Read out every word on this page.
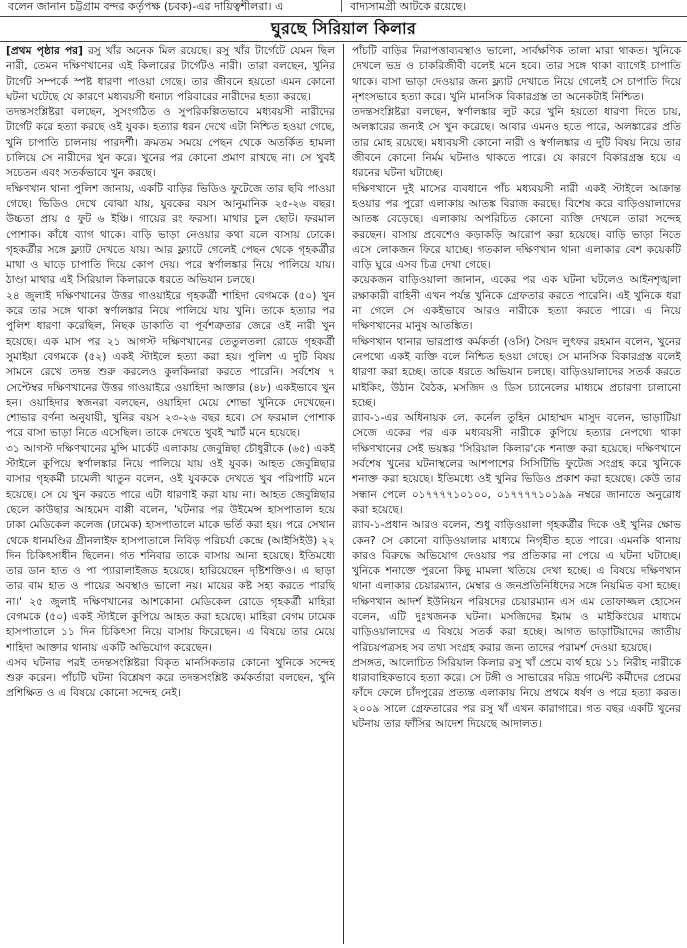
বলেন জানান চট্টগ্রাম বন্দর কর্তৃপক্ষ (চবক)-এর দায়িত্বশীলরা। এ	বাদ্যসামগ্রী আটকে রয়েছে।
ঘুরছে সিরিয়াল কিলার

[প্রথম পৃষ্ঠার পর] রসু খাঁর অনেক মিল রয়েছে। রসু খাঁর টার্গেটে যেমন ছিল নারী, তেমন দক্ষিণখানের এই কিলারের টার্গেটও নারী। তারা বলছেন, খুনির টার্গেট সম্পর্কে স্পষ্ট ধারণা পাওয়া গেছে। তার জীবনে হয়তো এমন কোনো ঘটনা ঘটেছে যে কারণে মধ্যবয়সী ধনাঢ্য পরিবারের নারীদের হত্যা করছে।

তদন্তসংশ্লিষ্টরা বলছেন, সুসংগঠিত ও সুপরিকল্পিতভাবে মধ্যবয়সী নারীদের টার্গেট করে হত্যা করছে ওই যুবক। হত্যার ধরন দেখে এটা নিশ্চিত হওয়া গেছে, খুনি চাপাতি চালনায় পারদর্শী। ক্রমতম সময়ে পেছন থেকে অতর্কিত হামলা চালিয়ে সে নারীদের খুন করে। খুনের পর কোনো প্রমাণ রাখছে না। সে খুবই সচেতন এবং সতর্কভাবে খুন করছে।

দক্ষিণখান থানা পুলিশ জানায়, একটি বাড়ির ভিডিও ফুটেজে তার ছবি পাওয়া গেছে। ভিডিও দেখে বোঝা যায়, যুবকের বয়স আনুমানিক ২৫-২৬ বছর। উচ্চতা প্রায় ৫ ফুট ৬ ইঞ্চি। গায়ের রং ফরসা। মাথার চুল ছোট। ফরমাল পোশাক। কাঁধে ব্যাগ থাকে। বাড়ি ভাড়া নেওয়ার কথা বলে বাসায় ঢোকে। গৃহকর্ত্রীর সঙ্গে ফ্ল্যাট দেখতে যায়। আর ফ্ল্যাটে গেলেই পেছন থেকে গৃহকর্ত্রীর মাথা ও ঘাড়ে চাপাতি দিয়ে কোপ দেয়। পরে স্বর্ণালঙ্কার নিয়ে পালিয়ে যায়। ঠাণ্ডা মাথার এই সিরিয়াল কিলারকে ধরতে অভিযান চলছে।

২৪ জুলাই দক্ষিণখানের উত্তর গাওয়াইরে গৃহকর্ত্রী শাহিদা বেগমকে (৫০) খুন করে তার সঙ্গে থাকা স্বর্ণালঙ্কার নিয়ে পালিয়ে যায় খুনি। তাকে হত্যার পর পুলিশ ধারণা করেছিল, নিছক ডাকাতি বা পূর্বশত্রুতার জেরে ওই নারী খুন হয়েছে। এক মাস পর ২১ আগস্ট দক্ষিণখানের তেতুলতলা রোডে গৃহকর্ত্রী সুমাইয়া বেগমকে (৫২) একই স্টাইলে হত্যা করা হয়। পুলিশ এ দুটি বিষয় সামনে রেখে তদন্ত শুরু করলেও কুলকিনারা করতে পারেনি। সর্বশেষ ৭ সেপ্টেম্বর দক্ষিণখানের উত্তর গাওয়াইরে ওয়াহিদা আক্তার (৪৮) একইভাবে খুন হন। ওয়াহিদার স্বজনরা বলছেন, ওয়াহিদা মেয়ে শোভা খুনিকে দেখেছেন। শোভার বর্ণনা অনুযায়ী, খুনির বয়স ২৩-২৬ বছর হবে। সে ফরমাল পোশাক পরে বাসা ভাড়া নিতে এসেছিল। তাকে দেখতে খুবই স্মার্ট মনে হয়েছে।

৩১ আগস্ট দক্ষিণখানের মুন্সি মার্কেট এলাকায় জেবুন্নিছা চৌধুরীকে (৬৫) একই স্টাইলে কুপিয়ে স্বর্ণালঙ্কার নিয়ে পালিয়ে যায় ওই যুবক। আহত জেবুন্নিছার বাসার গৃহকর্মী চামেলী খাতুন বলেন, ওই যুবককে দেখতে খুব পরিপাটি মনে হয়েছে। সে যে খুন করতে পারে এটা ধারণাই করা যায় না। আহত জেবুন্নিছার ছেলে কাউছার আহমেদ বাপ্পী বলেন, 'ঘটনার পর উইমেন্স হাসপাতাল হয়ে ঢাকা মেডিকেল কলেজ (ঢামেক) হাসপাতালে মাকে ভর্তি করা হয়। পরে সেখান থেকে ধানমণ্ডির গ্রীনলাইফ হাসপাতালে নিবিড় পরিচর্যা কেন্দ্রে (আইসিইউ) ২২ দিন চিকিৎসাধীন ছিলেন। গত শনিবার তাকে বাসায় আনা হয়েছে। ইতিমধ্যে তার ডান হাত ও পা প্যারালাইজড হয়েছে। হারিয়েছেন দৃষ্টিশক্তিও। এ ছাড়া তার বাম হাত ও পায়ের অবস্থাও ভালো নয়। মায়ের কষ্ট সহ্য করতে পারছি না।' ২৫ জুলাই দক্ষিণখানের আশকোনা মেডিকেল রোডে গৃহকর্ত্রী মাহিরা বেগমকে (৫০) একই স্টাইলে কুপিয়ে আহত করা হয়েছে। মাহিরা বেগম ঢামেক হাসপাতালে ১১ দিন চিকিৎসা নিয়ে বাসায় ফিরেছেন। এ বিষয়ে তার মেয়ে শাহিদা আক্তার থানায় একটি অভিযোগ করেছেন।

এসব ঘটনার পরই তদন্তসংশ্লিষ্টরা বিকৃত মানসিকতার কোনো খুনিকে সন্দেহ শুরু করেন। পাঁচটি ঘটনা বিশ্লেষণ করে তদন্তসংশ্লিষ্ট কর্মকর্তারা বলছেন, খুনি প্রশিক্ষিত ও এ বিষয়ে কোনো সন্দেহ নেই।

পাঁচটি বাড়ির নিরাপত্তাব্যবস্থাও ভালো, সার্বক্ষণিক তালা মারা থাকত। খুনিকে দেখলে ভদ্র ও চাকরিজীবী বলেই মনে হবে। তার সঙ্গে থাকা ব্যাগেই চাপাতি থাকে। বাসা ভাড়া দেওয়ার জন্য ফ্ল্যাট দেখাতে নিয়ে গেলেই সে চাপাতি দিয়ে নৃশংসভাবে হত্যা করে। খুনি মানসিক বিকারগ্রস্ত তা অনেকটাই নিশ্চিত।

তদন্তসংশ্লিষ্টরা বলছেন, স্বর্ণালঙ্কার লুট করে খুনি হয়তো ধারণা দিতে চায়, অলঙ্কারের জন্যই সে খুন করেছে। আবার এমনও হতে পারে, অলঙ্কারের প্রতি তার মোহ রয়েছে। মধ্যবয়সী কোনো নারী ও স্বর্ণালঙ্কার এ দুটি বিষয় নিয়ে তার জীবনে কোনো নির্মম ঘটনাও থাকতে পারে। যে কারণে বিকারগ্রস্ত হয়ে এ ধরনের ঘটনা ঘটাচ্ছে।

দক্ষিণখানে দুই মাসের ব্যবধানে পাঁচ মধ্যবয়সী নারী একই স্টাইলে আক্রান্ত হওয়ার পর পুরো এলাকায় আতঙ্ক বিরাজ করছে। বিশেষ করে বাড়িওয়ালাদের আতঙ্ক বেড়েছে। এলাকায় অপরিচিত কোনো ব্যক্তি দেখলে তারা সন্দেহ করছেন। বাসায় প্রবেশেও কড়াকড়ি আরোপ করা হয়েছে। বাড়ি ভাড়া নিতে এসে লোকজন ফিরে যাচ্ছে। গতকাল দক্ষিণখান থানা এলাকার বেশ কয়েকটি বাড়ি ঘুরে এসব চিত্র দেখা গেছে।

কয়েকজন বাড়িওয়ালা জানান, একের পর এক ঘটনা ঘটলেও আইনশৃঙ্খলা রক্ষাকারী বাহিনী এখন পর্যন্ত খুনিকে গ্রেফতার করতে পারেনি। এই খুনিকে ধরা না গেলে সে একইভাবে আরও নারীকে হত্যা করতে পারে। এ নিয়ে দক্ষিণখানের মানুষ আতঙ্কিত।

দক্ষিণখান থানার ভারপ্রাপ্ত কর্মকর্তা (ওসি) সৈয়দ লুৎফর রহমান বলেন, খুনের নেপথ্যে একই ব্যক্তি বলে নিশ্চিত হওয়া গেছে। সে মানসিক বিকারগ্রস্ত বলেই ধারণা করা হচ্ছে। তাকে ধরতে অভিযান চলছে। বাড়িওয়ালাদের সতর্ক করতে মাইকিং, উঠান বৈঠক, মসজিদ ও ডিস চ্যানেলের মাধ্যমে প্রচারণা চালানো হচ্ছে।

র‍্যাব-১-এর অধিনায়ক লে. কর্নেল তুহিন মোহাম্মদ মাসুদ বলেন, ভাড়াটিয়া সেজে একের পর এক মধ্যবয়সী নারীকে কুপিয়ে হত্যার নেপথ্যে থাকা দক্ষিণখানের সেই ভয়ঙ্কর 'সিরিয়াল কিলার'কে শনাক্ত করা হয়েছে। দক্ষিণখানে সর্বশেষ খুনের ঘটনাস্থলের আশপাশের সিসিটিভি ফুটেজ সংগ্রহ করে খুনিকে শনাক্ত করা হয়েছে। ইতিমধ্যে ওই খুনির ভিডিও প্রকাশ করা হয়েছে। কেউ তার সন্ধান পেলে ০১৭৭৭৭১০১০০, ০১৭৭৭৭১০১৯৯ নম্বরে জানাতে অনুরোধ করা হয়েছে।

র‍্যাব-১-প্রধান আরও বলেন, শুধু বাড়িওয়ালা গৃহকর্ত্রীর দিকে ওই খুনির ক্ষোভ কেন? সে কোনো বাড়িওয়ালার মাধ্যমে নিগৃহীত হতে পারে। এমনকি থানায় কারও বিরুদ্ধে অভিযোগ দেওয়ার পর প্রতিকার না পেয়ে এ ঘটনা ঘটাচ্ছে। খুনিকে শনাক্তে পুরনো কিছু মামলা খতিয়ে দেখা হচ্ছে। এ বিষয়ে দক্ষিণখান থানা এলাকার চেয়ারম্যান, মেম্বার ও জনপ্রতিনিধিদের সঙ্গে নিয়মিত বসা হচ্ছে।

দক্ষিণখান আদর্শ ইউনিয়ন পরিষদের চেয়ারম্যান এস এম তোফাজ্জল হোসেন বলেন, এটি দুঃখজনক ঘটনা। মসজিদের ইমাম ও মাইকিংয়ের মাধ্যমে বাড়িওয়ালাদের এ বিষয়ে সতর্ক করা হচ্ছে। আগত ভাড়াটিয়াদের জাতীয় পরিচয়পত্রসহ সব তথ্য সংগ্রহ করার জন্য তাদের পরামর্শ দেওয়া হয়েছে।

প্রসঙ্গত, আলোচিত সিরিয়াল কিলার রসু খাঁ প্রেমে ব্যর্থ হয়ে ১১ নিরীহ নারীকে ধারাবাহিকভাবে হত্যা করে। সে টঙ্গী ও সাভারের দরিদ্র গার্মেন্ট কর্মীদের প্রেমের ফাঁদে ফেলে চাঁদপুরের প্রত্যন্ত এলাকায় নিয়ে প্রথমে ধর্ষণ ও পরে হত্যা করত। ২০০৯ সালে গ্রেফতারের পর রসু খাঁ এখন কারাগারে। গত বছর একটি খুনের ঘটনায় তার ফাঁসির আদেশ দিয়েছে আদালত।
